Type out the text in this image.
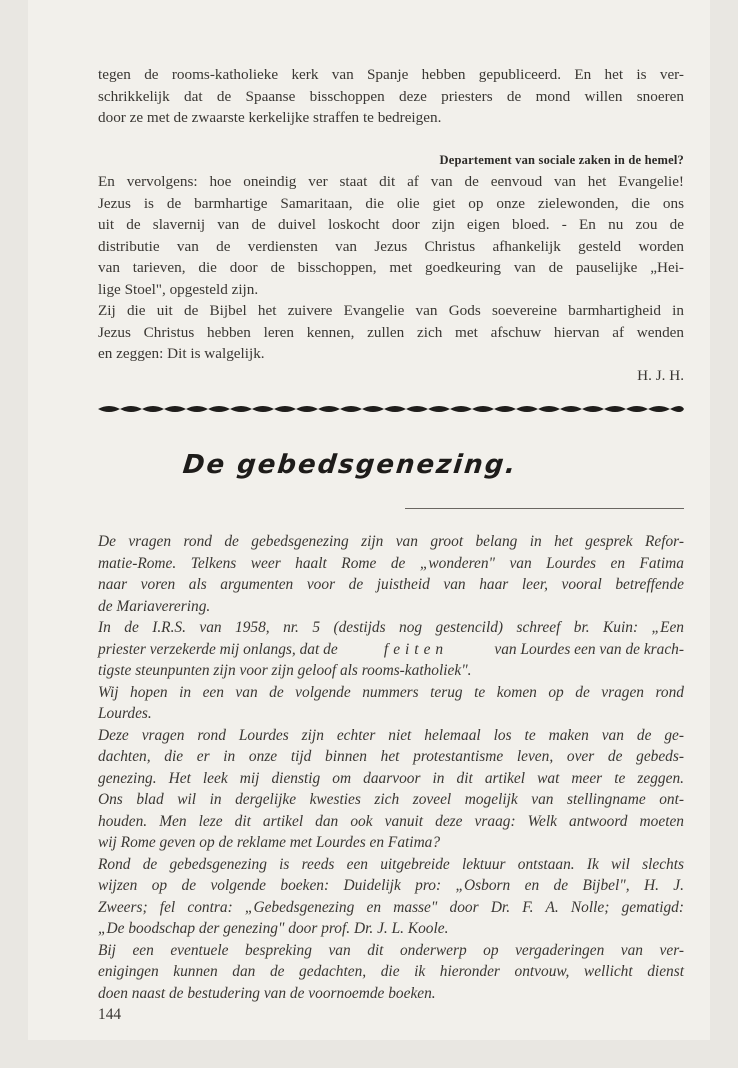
tegen de rooms-katholieke kerk van Spanje hebben gepubliceerd. En het is ver-
schrikkelijk dat de Spaanse bisschoppen deze priesters de mond willen snoeren
door ze met de zwaarste kerkelijke straffen te bedreigen.
Departement van sociale zaken in de hemel?
En vervolgens: hoe oneindig ver staat dit af van de eenvoud van het Evangelie!
Jezus is de barmhartige Samaritaan, die olie giet op onze zielewonden, die ons
uit de slavernij van de duivel loskocht door zijn eigen bloed. - En nu zou de
distributie van de verdiensten van Jezus Christus afhankelijk gesteld worden
van tarieven, die door de bisschoppen, met goedkeuring van de pauselijke „Hei-
lige Stoel", opgesteld zijn.
Zij die uit de Bijbel het zuivere Evangelie van Gods soevereine barmhartigheid in
Jezus Christus hebben leren kennen, zullen zich met afschuw hiervan af wenden
en zeggen: Dit is walgelijk.
H. J. H.
De gebedsgenezing.
De vragen rond de gebedsgenezing zijn van groot belang in het gesprek Refor-
matie-Rome. Telkens weer haalt Rome de „wonderen" van Lourdes en Fatima
naar voren als argumenten voor de juistheid van haar leer, vooral betreffende
de Mariaverering.
In de I.R.S. van 1958, nr. 5 (destijds nog gestencild) schreef br. Kuin: „Een
priester verzekerde mij onlangs, dat de	feiten	van Lourdes een van de krach-
tigste steunpunten zijn voor zijn geloof als rooms-katholiek".
Wij hopen in een van de volgende nummers terug te komen op de vragen rond
Lourdes.
Deze vragen rond Lourdes zijn echter niet helemaal los te maken van de ge-
dachten, die er in onze tijd binnen het protestantisme leven, over de gebeds-
genezing. Het leek mij dienstig om daarvoor in dit artikel wat meer te zeggen.
Ons blad wil in dergelijke kwesties zich zoveel mogelijk van stellingname ont-
houden. Men leze dit artikel dan ook vanuit deze vraag: Welk antwoord moeten
wij Rome geven op de reklame met Lourdes en Fatima?
Rond de gebedsgenezing is reeds een uitgebreide lektuur ontstaan. Ik wil slechts
wijzen op de volgende boeken: Duidelijk pro: „Osborn en de Bijbel", H. J.
Zweers; fel contra: „Gebedsgenezing en masse" door Dr. F. A. Nolle; gematigd:
„De boodschap der genezing" door prof. Dr. J. L. Koole.
Bij een eventuele bespreking van dit onderwerp op vergaderingen van ver-
enigingen kunnen dan de gedachten, die ik hieronder ontvouw, wellicht dienst
doen naast de bestudering van de voornoemde boeken.
144
